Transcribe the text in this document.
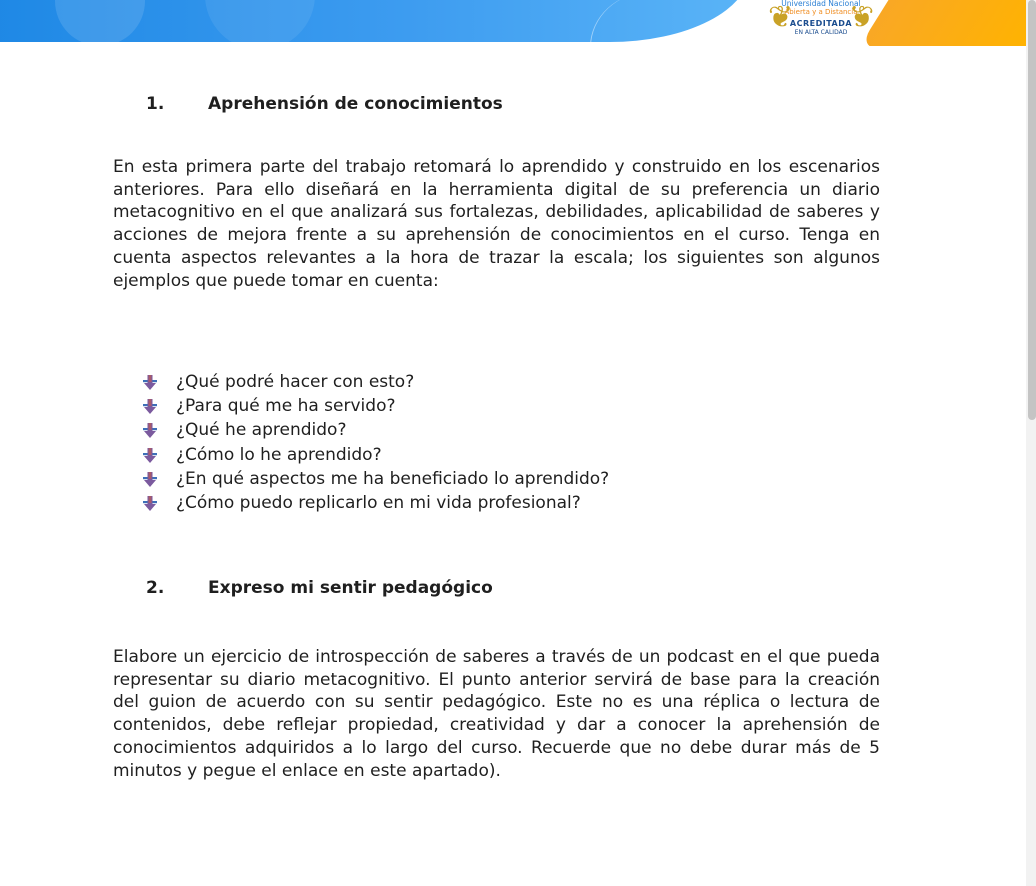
❦ ❦
Universidad Nacional
Abierta y a Distancia
ACREDITADA
EN ALTA CALIDAD
1.	Aprehensión de conocimientos

En esta primera parte del trabajo retomará lo aprendido y construido en los escenarios anteriores. Para ello diseñará en la herramienta digital de su preferencia un diario metacognitivo en el que analizará sus fortalezas, debilidades, aplicabilidad de saberes y acciones de mejora frente a su aprehensión de conocimientos en el curso. Tenga en cuenta aspectos relevantes a la hora de trazar la escala; los siguientes son algunos ejemplos que puede tomar en cuenta:

¿Qué podré hacer con esto?
¿Para qué me ha servido?
¿Qué he aprendido?
¿Cómo lo he aprendido?
¿En qué aspectos me ha beneficiado lo aprendido?
¿Cómo puedo replicarlo en mi vida profesional?
2.	Expreso mi sentir pedagógico

Elabore un ejercicio de introspección de saberes a través de un podcast en el que pueda representar su diario metacognitivo. El punto anterior servirá de base para la creación del guion de acuerdo con su sentir pedagógico. Este no es una réplica o lectura de contenidos, debe reflejar propiedad, creatividad y dar a conocer la aprehensión de conocimientos adquiridos a lo largo del curso. Recuerde que no debe durar más de 5 minutos y pegue el enlace en este apartado).
